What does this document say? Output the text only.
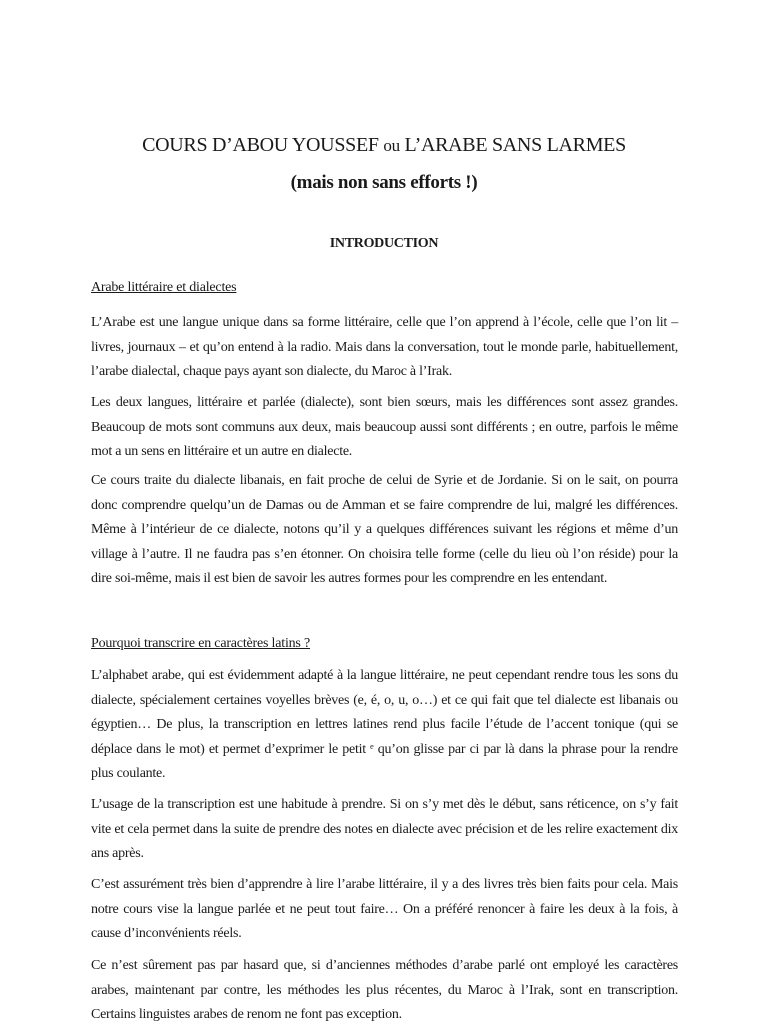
COURS D’ABOU YOUSSEF ou L’ARABE SANS LARMES
(mais non sans efforts !)
INTRODUCTION

Arabe littéraire et dialectes

L’Arabe est une langue unique dans sa forme littéraire, celle que l’on apprend à l’école, celle que l’on lit – livres, journaux – et qu’on entend à la radio. Mais dans la conversation, tout le monde parle, habituellement, l’arabe dialectal, chaque pays ayant son dialecte, du Maroc à l’Irak.

Les deux langues, littéraire et parlée (dialecte), sont bien sœurs, mais les différences sont assez grandes. Beaucoup de mots sont communs aux deux, mais beaucoup aussi sont différents ; en outre, parfois le même mot a un sens en littéraire et un autre en dialecte.

Ce cours traite du dialecte libanais, en fait proche de celui de Syrie et de Jordanie. Si on le sait, on pourra donc comprendre quelqu’un de Damas ou de Amman et se faire comprendre de lui, malgré les différences. Même à l’intérieur de ce dialecte, notons qu’il y a quelques différences suivant les régions et même d’un village à l’autre. Il ne faudra pas s’en étonner. On choisira telle forme (celle du lieu où l’on réside) pour la dire soi-même, mais il est bien de savoir les autres formes pour les comprendre en les entendant.

Pourquoi transcrire en caractères latins ?

L’alphabet arabe, qui est évidemment adapté à la langue littéraire, ne peut cependant rendre tous les sons du dialecte, spécialement certaines voyelles brèves (e, é, o, u, o…) et ce qui fait que tel dialecte est libanais ou égyptien… De plus, la transcription en lettres latines rend plus facile l’étude de l’accent tonique (qui se déplace dans le mot) et permet d’exprimer le petit ᵉ qu’on glisse par ci par là dans la phrase pour la rendre plus coulante.

L’usage de la transcription est une habitude à prendre. Si on s’y met dès le début, sans réticence, on s’y fait vite et cela permet dans la suite de prendre des notes en dialecte avec précision et de les relire exactement dix ans après.

C’est assurément très bien d’apprendre à lire l’arabe littéraire, il y a des livres très bien faits pour cela. Mais notre cours vise la langue parlée et ne peut tout faire… On a préféré renoncer à faire les deux à la fois, à cause d’inconvénients réels.

Ce n’est sûrement pas par hasard que, si d’anciennes méthodes d’arabe parlé ont employé les caractères arabes, maintenant par contre, les méthodes les plus récentes, du Maroc à l’Irak, sont en transcription. Certains linguistes arabes de renom ne font pas exception.
